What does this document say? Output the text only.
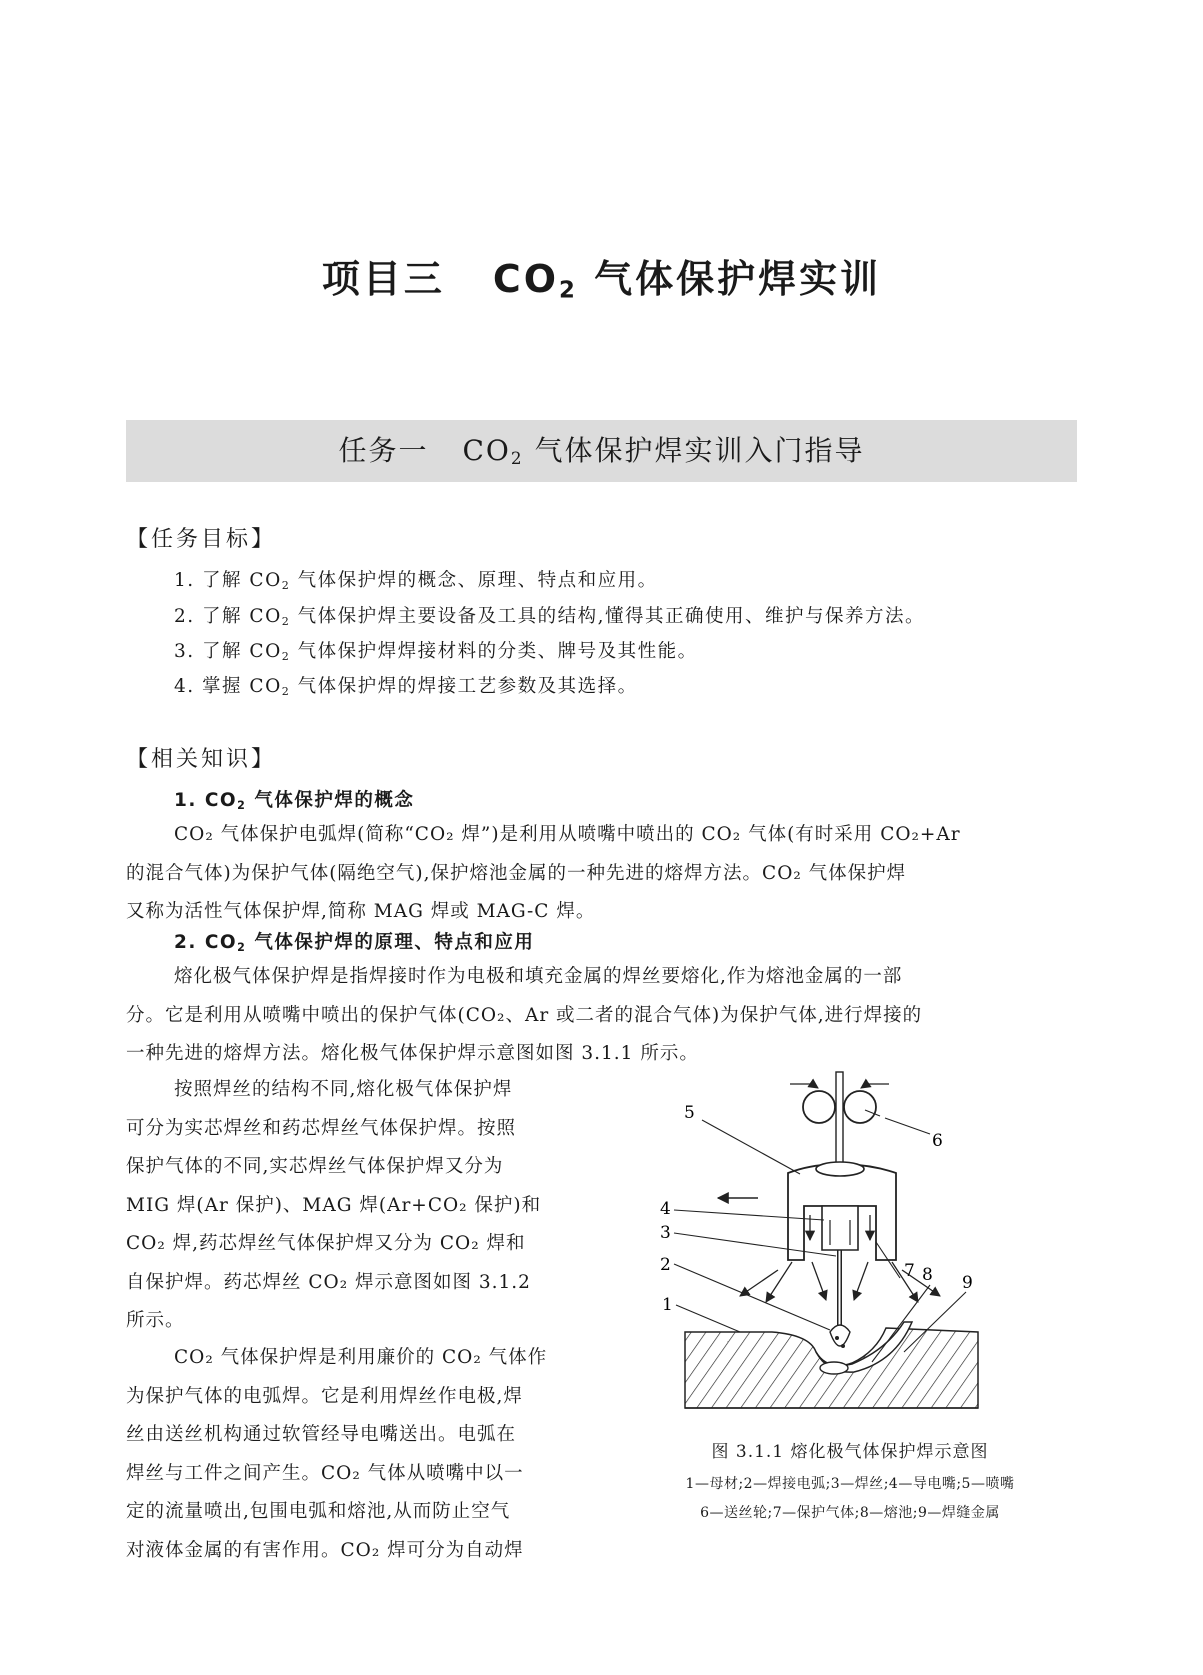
项目三 $CO_2$ 气体保护焊实训
任务一 $CO_2$ 气体保护焊实训入门指导
【任务目标】
1. 了解 $CO_2$ 气体保护焊的概念、原理、特点和应用。
2. 了解 $CO_2$ 气体保护焊主要设备及工具的结构,懂得其正确使用、维护与保养方法。
3. 了解 $CO_2$ 气体保护焊焊接材料的分类、牌号及其性能。
4. 掌握 $CO_2$ 气体保护焊的焊接工艺参数及其选择。
【相关知识】
1. $CO_2$ 气体保护焊的概念
CO₂ 气体保护电弧焊(简称“CO₂ 焊”)是利用从喷嘴中喷出的 CO₂ 气体(有时采用 CO₂+Ar
的混合气体)为保护气体(隔绝空气),保护熔池金属的一种先进的熔焊方法。CO₂ 气体保护焊
又称为活性气体保护焊,简称 MAG 焊或 MAG-C 焊。
2. $CO_2$ 气体保护焊的原理、特点和应用
熔化极气体保护焊是指焊接时作为电极和填充金属的焊丝要熔化,作为熔池金属的一部
分。它是利用从喷嘴中喷出的保护气体(CO₂、Ar 或二者的混合气体)为保护气体,进行焊接的
一种先进的熔焊方法。熔化极气体保护焊示意图如图 3.1.1 所示。
按照焊丝的结构不同,熔化极气体保护焊
可分为实芯焊丝和药芯焊丝气体保护焊。按照
保护气体的不同,实芯焊丝气体保护焊又分为
MIG 焊(Ar 保护)、MAG 焊(Ar+CO₂ 保护)和
CO₂ 焊,药芯焊丝气体保护焊又分为 CO₂ 焊和
自保护焊。药芯焊丝 CO₂ 焊示意图如图 3.1.2
所示。
CO₂ 气体保护焊是利用廉价的 CO₂ 气体作
为保护气体的电弧焊。它是利用焊丝作电极,焊
丝由送丝机构通过软管经导电嘴送出。电弧在
焊丝与工件之间产生。CO₂ 气体从喷嘴中以一
定的流量喷出,包围电弧和熔池,从而防止空气
对液体金属的有害作用。CO₂ 焊可分为自动焊
1
2
3
4
5
6
7 8 9
图 3.1.1 熔化极气体保护焊示意图
1—母材;2—焊接电弧;3—焊丝;4—导电嘴;5—喷嘴
6—送丝轮;7—保护气体;8—熔池;9—焊缝金属
